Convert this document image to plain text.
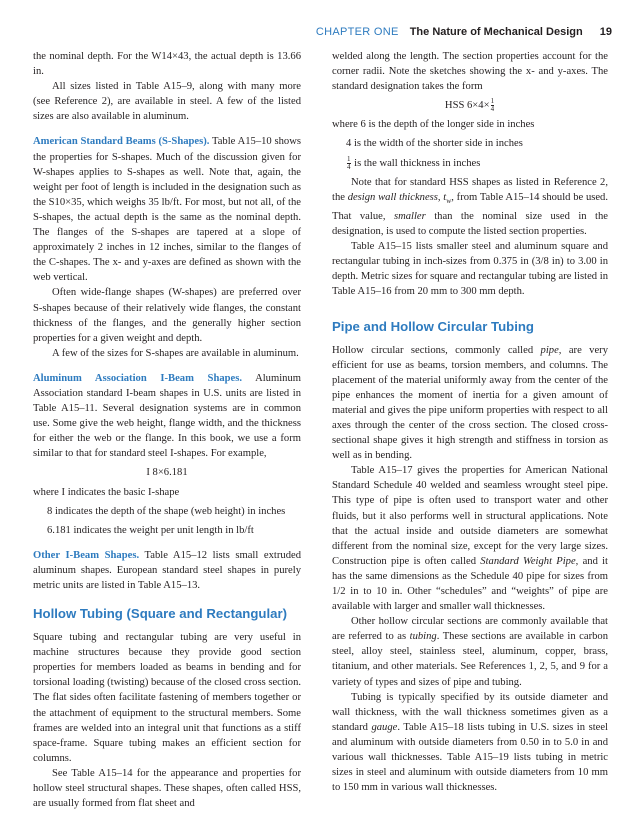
CHAPTER ONE The Nature of Mechanical Design 19

the nominal depth. For the W14×43, the actual depth is 13.66 in.

All sizes listed in Table A15–9, along with many more (see Reference 2), are available in steel. A few of the listed sizes are also available in aluminum.

American Standard Beams (S-Shapes). Table A15–10 shows the properties for S-shapes. Much of the discussion given for W-shapes applies to S-shapes as well. Note that, again, the weight per foot of length is included in the designation such as the S10×35, which weighs 35 lb/ft. For most, but not all, of the S-shapes, the actual depth is the same as the nominal depth. The flanges of the S-shapes are tapered at a slope of approximately 2 inches in 12 inches, similar to the flanges of the C-shapes. The x- and y-axes are defined as shown with the web vertical.

Often wide-flange shapes (W-shapes) are preferred over S-shapes because of their relatively wide flanges, the constant thickness of the flanges, and the generally higher section properties for a given weight and depth.

A few of the sizes for S-shapes are available in aluminum.

Aluminum Association I-Beam Shapes. Aluminum Association standard I-beam shapes in U.S. units are listed in Table A15–11. Several designation systems are in common use. Some give the web height, flange width, and the thickness for either the web or the flange. In this book, we use a form similar to that for standard steel I-shapes. For example,

I 8×6.181

where I indicates the basic I-shape

8 indicates the depth of the shape (web height) in inches

6.181 indicates the weight per unit length in lb/ft

Other I-Beam Shapes. Table A15–12 lists small extruded aluminum shapes. European standard steel shapes in purely metric units are listed in Table A15–13.

Hollow Tubing (Square and Rectangular)

Square tubing and rectangular tubing are very useful in machine structures because they provide good section properties for members loaded as beams in bending and for torsional loading (twisting) because of the closed cross section. The flat sides often facilitate fastening of members together or the attachment of equipment to the structural members. Some frames are welded into an integral unit that functions as a stiff space-frame. Square tubing makes an efficient section for columns.

See Table A15–14 for the appearance and properties for hollow steel structural shapes. These shapes, often called HSS, are usually formed from flat sheet and

welded along the length. The section properties account for the corner radii. Note the sketches showing the x- and y-axes. The standard designation takes the form

HSS $6\times 4\times \frac{1}{4}$

where 6 is the depth of the longer side in inches

4 is the width of the shorter side in inches

$\frac{1}{4}$ is the wall thickness in inches

Note that for standard HSS shapes as listed in Reference 2, the design wall thickness, $t_w$, from Table A15–14 should be used. That value, smaller than the nominal size used in the designation, is used to compute the listed section properties.

Table A15–15 lists smaller steel and aluminum square and rectangular tubing in inch-sizes from 0.375 in (3/8 in) to 3.00 in depth. Metric sizes for square and rectangular tubing are listed in Table A15–16 from 20 mm to 300 mm depth.

Pipe and Hollow Circular Tubing

Hollow circular sections, commonly called pipe, are very efficient for use as beams, torsion members, and columns. The placement of the material uniformly away from the center of the pipe enhances the moment of inertia for a given amount of material and gives the pipe uniform properties with respect to all axes through the center of the cross section. The closed cross-sectional shape gives it high strength and stiffness in torsion as well as in bending.

Table A15–17 gives the properties for American National Standard Schedule 40 welded and seamless wrought steel pipe. This type of pipe is often used to transport water and other fluids, but it also performs well in structural applications. Note that the actual inside and outside diameters are somewhat different from the nominal size, except for the very large sizes. Construction pipe is often called Standard Weight Pipe, and it has the same dimensions as the Schedule 40 pipe for sizes from 1/2 in to 10 in. Other “schedules” and “weights” of pipe are available with larger and smaller wall thicknesses.

Other hollow circular sections are commonly available that are referred to as tubing. These sections are available in carbon steel, alloy steel, stainless steel, aluminum, copper, brass, titanium, and other materials. See References 1, 2, 5, and 9 for a variety of types and sizes of pipe and tubing.

Tubing is typically specified by its outside diameter and wall thickness, with the wall thickness sometimes given as a standard gauge. Table A15–18 lists tubing in U.S. sizes in steel and aluminum with outside diameters from 0.50 in to 5.0 in and various wall thicknesses. Table A15–19 lists tubing in metric sizes in steel and aluminum with outside diameters from 10 mm to 150 mm in various wall thicknesses.
